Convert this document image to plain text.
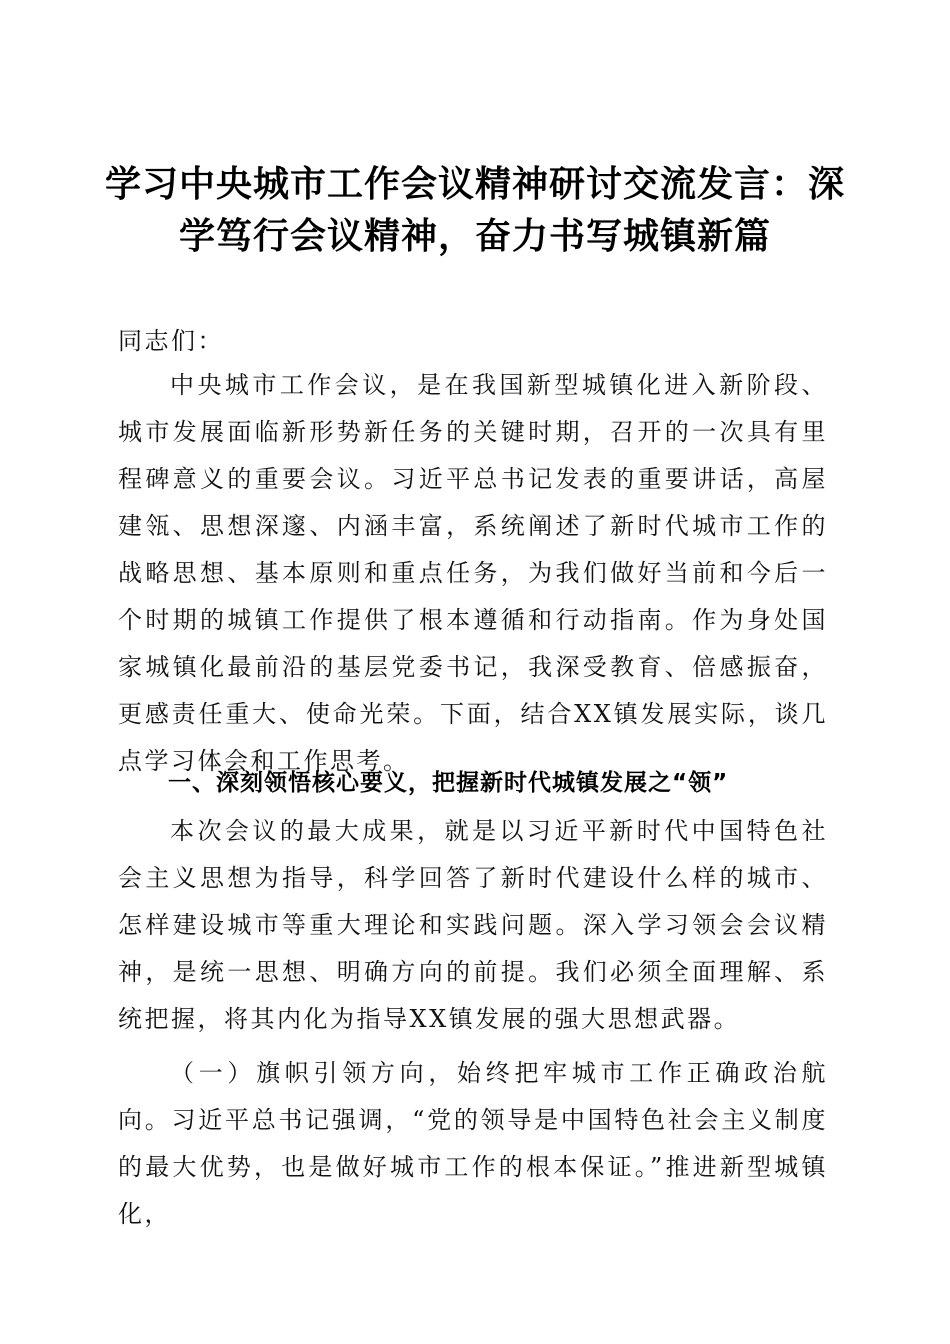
学习中央城市工作会议精神研讨交流发言：深学笃行会议精神，奋力书写城镇新篇
同志们：
中央城市工作会议，是在我国新型城镇化进入新阶段、城市发展面临新形势新任务的关键时期，召开的一次具有里程碑意义的重要会议。习近平总书记发表的重要讲话，高屋建瓴、思想深邃、内涵丰富，系统阐述了新时代城市工作的战略思想、基本原则和重点任务，为我们做好当前和今后一个时期的城镇工作提供了根本遵循和行动指南。作为身处国家城镇化最前沿的基层党委书记，我深受教育、倍感振奋，更感责任重大、使命光荣。下面，结合XX镇发展实际，谈几点学习体会和工作思考。
一、深刻领悟核心要义，把握新时代城镇发展之“领”
本次会议的最大成果，就是以习近平新时代中国特色社会主义思想为指导，科学回答了新时代建设什么样的城市、怎样建设城市等重大理论和实践问题。深入学习领会会议精神，是统一思想、明确方向的前提。我们必须全面理解、系统把握，将其内化为指导XX镇发展的强大思想武器。
（一）旗帜引领方向，始终把牢城市工作正确政治航向。习近平总书记强调，“党的领导是中国特色社会主义制度的最大优势，也是做好城市工作的根本保证。”推进新型城镇化，
